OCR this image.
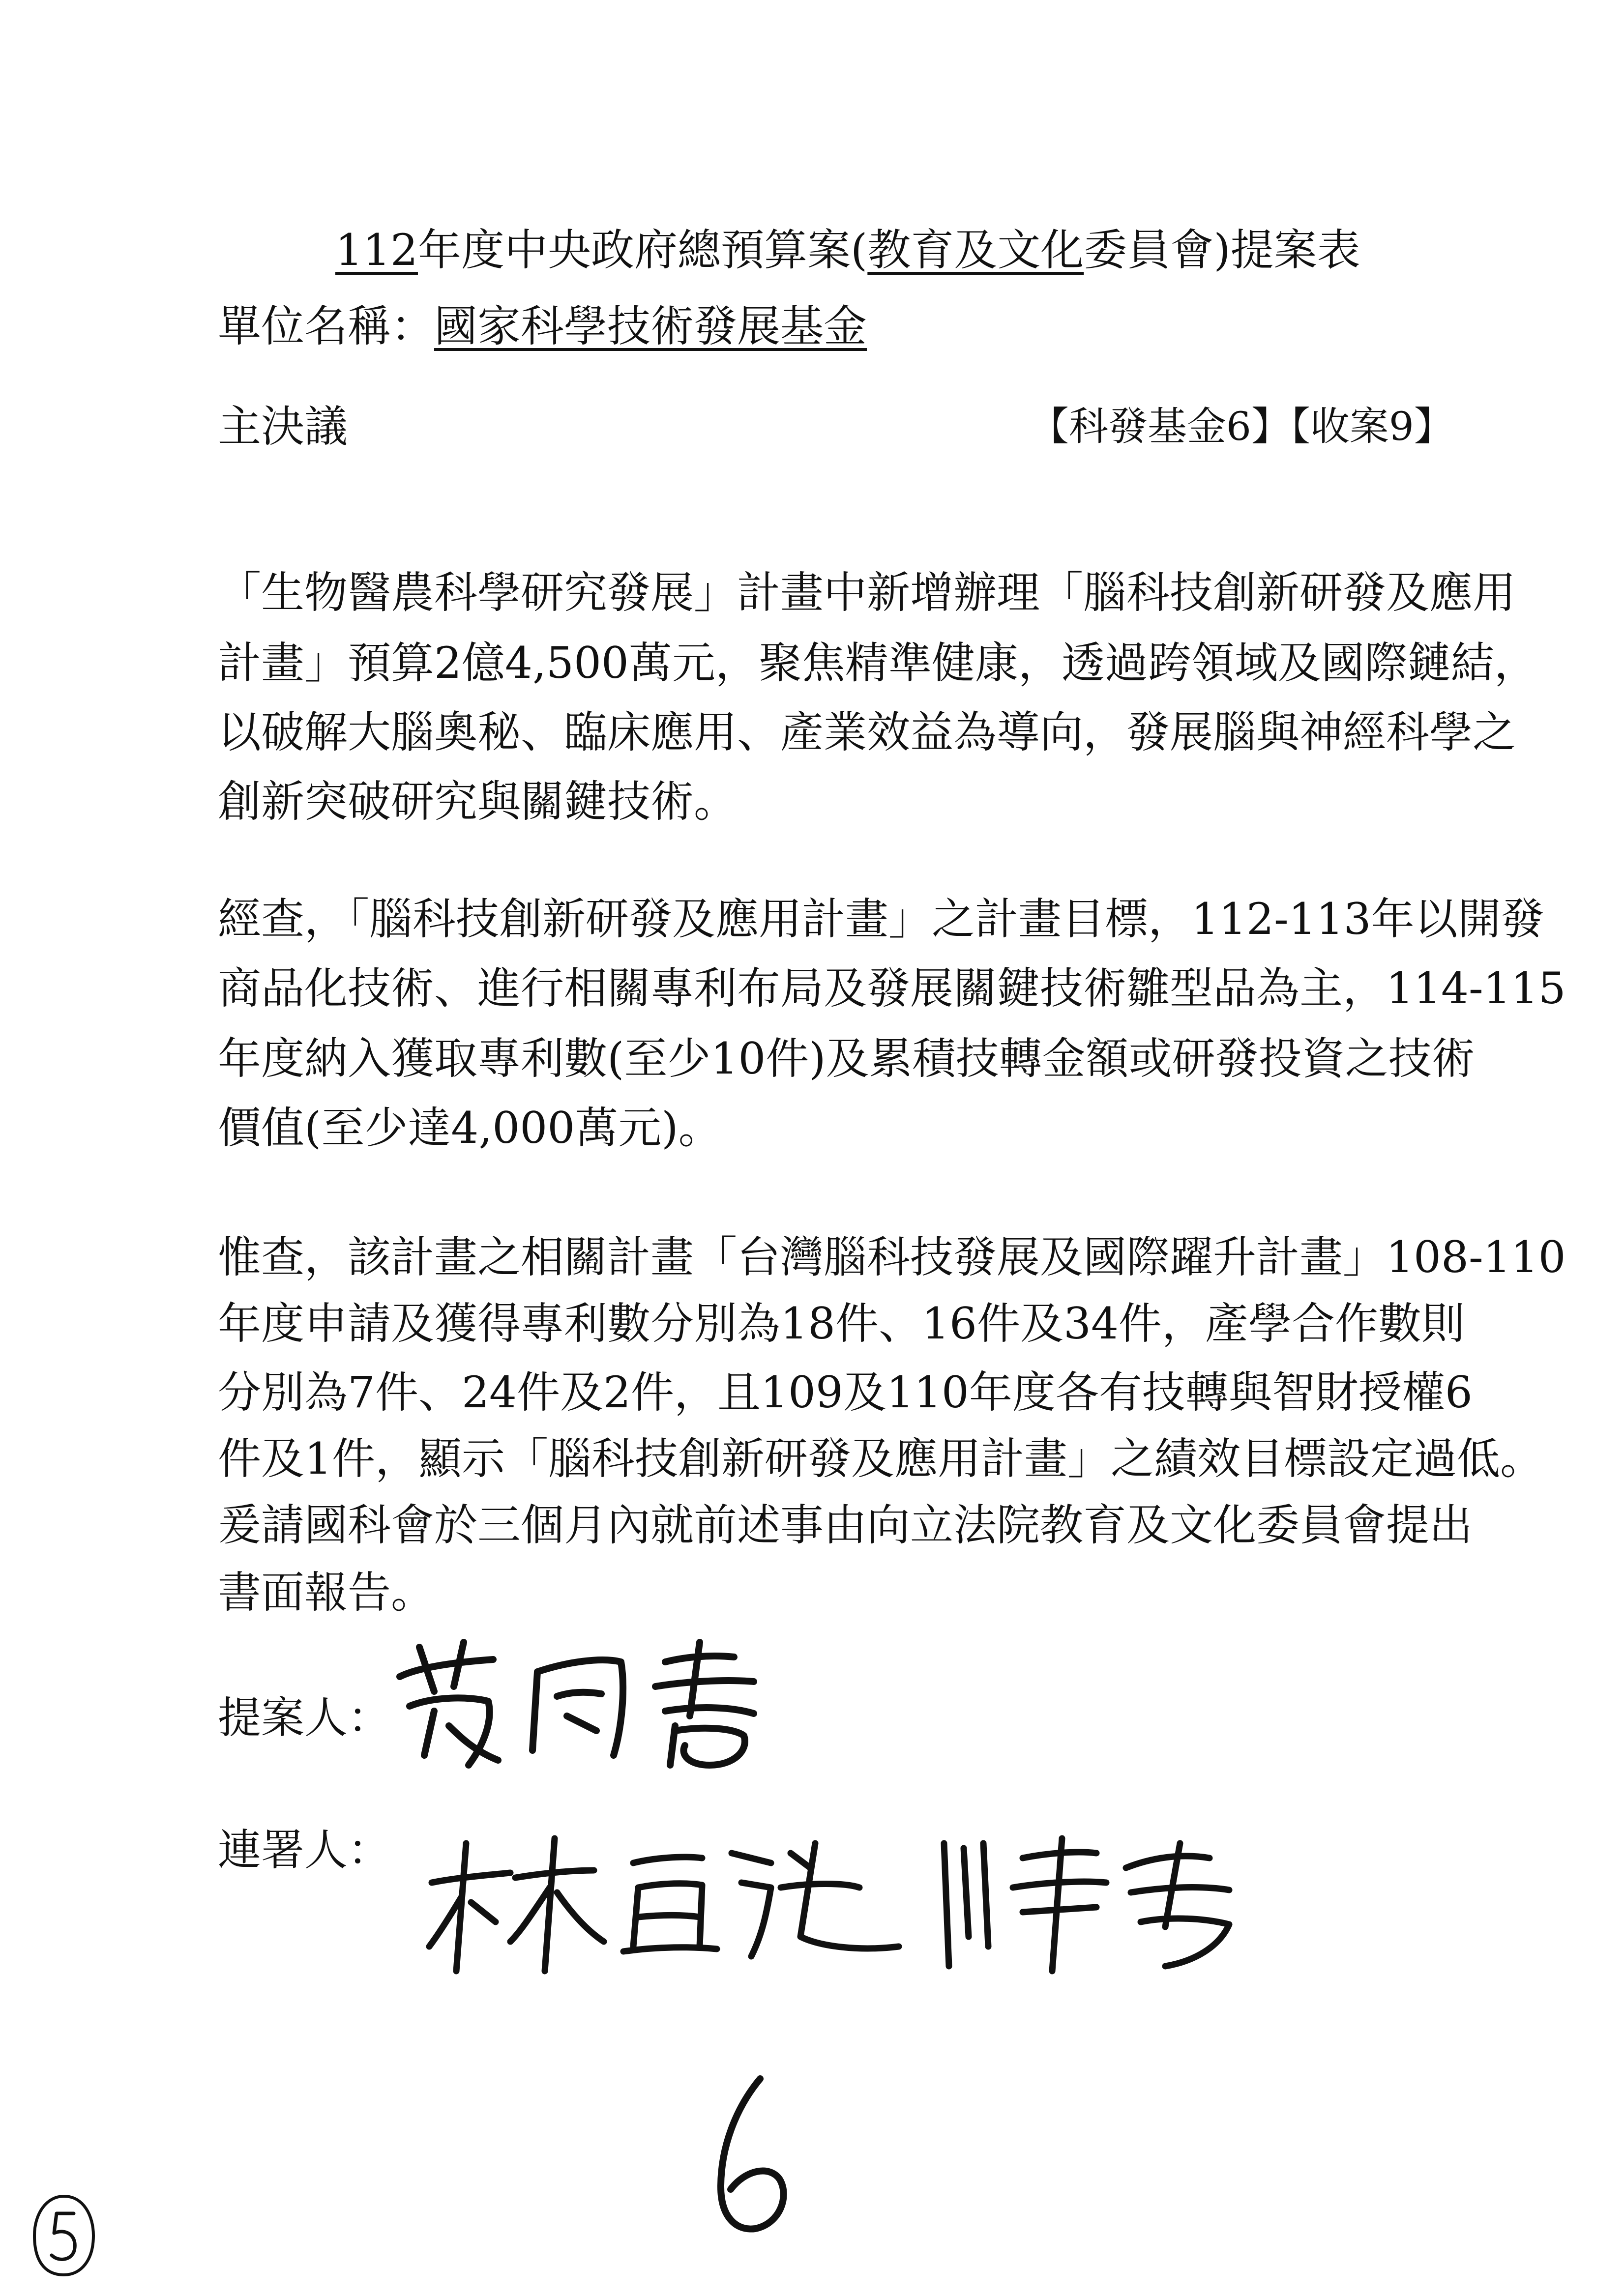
112年度中央政府總預算案(教育及文化委員會)提案表
單位名稱：國家科學技術發展基金
主決議	【科發基金6】【收案9】
「生物醫農科學研究發展」計畫中新增辦理「腦科技創新研發及應用
計畫」預算2億4,500萬元，聚焦精準健康，透過跨領域及國際鏈結，
以破解大腦奧秘、臨床應用、產業效益為導向，發展腦與神經科學之
創新突破研究與關鍵技術。
經查，「腦科技創新研發及應用計畫」之計畫目標，112-113年以開發
商品化技術、進行相關專利布局及發展關鍵技術雛型品為主，114-115
年度納入獲取專利數(至少10件)及累積技轉金額或研發投資之技術
價值(至少達4,000萬元)。
惟查，該計畫之相關計畫「台灣腦科技發展及國際躍升計畫」108-110
年度申請及獲得專利數分別為18件、16件及34件，產學合作數則
分別為7件、24件及2件，且109及110年度各有技轉與智財授權6
件及1件，顯示「腦科技創新研發及應用計畫」之績效目標設定過低。
爰請國科會於三個月內就前述事由向立法院教育及文化委員會提出
書面報告。
提案人：
連署人：
